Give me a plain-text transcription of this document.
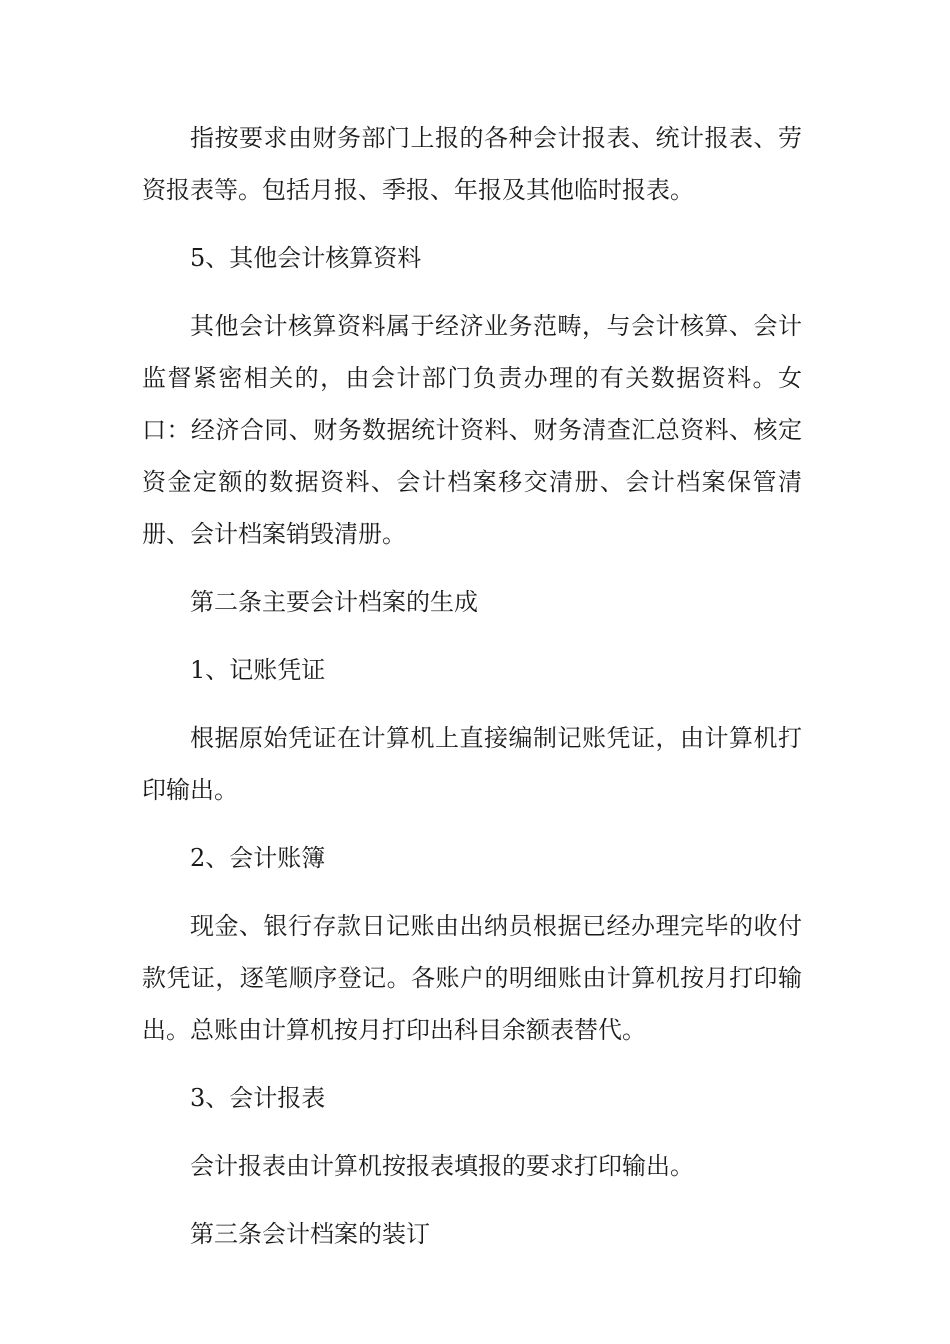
指按要求由财务部门上报的各种会计报表、统计报表、劳资报表等。包括月报、季报、年报及其他临时报表。

5、其他会计核算资料

其他会计核算资料属于经济业务范畴，与会计核算、会计监督紧密相关的，由会计部门负责办理的有关数据资料。女口：经济合同、财务数据统计资料、财务清查汇总资料、核定资金定额的数据资料、会计档案移交清册、会计档案保管清册、会计档案销毁清册。

第二条主要会计档案的生成

1、记账凭证

根据原始凭证在计算机上直接编制记账凭证，由计算机打印输出。

2、会计账簿

现金、银行存款日记账由出纳员根据已经办理完毕的收付款凭证，逐笔顺序登记。各账户的明细账由计算机按月打印输出。总账由计算机按月打印出科目余额表替代。

3、会计报表

会计报表由计算机按报表填报的要求打印输出。

第三条会计档案的装订
